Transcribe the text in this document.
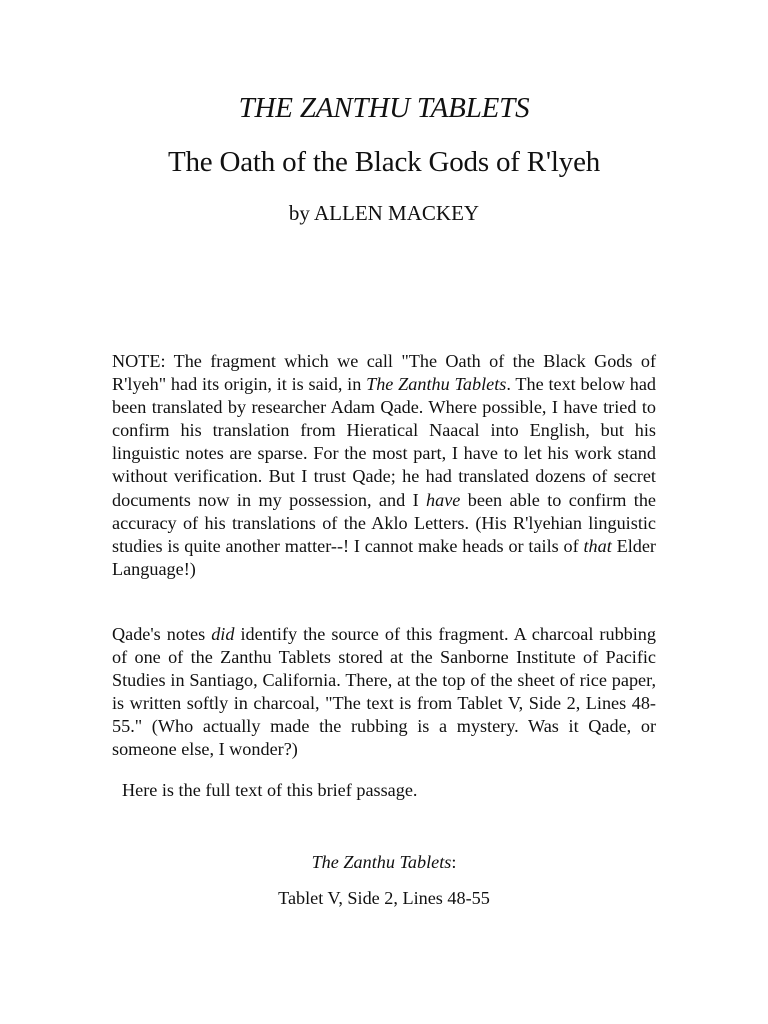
THE ZANTHU TABLETS
The Oath of the Black Gods of R'lyeh
by ALLEN MACKEY

NOTE: The fragment which we call "The Oath of the Black Gods of R'lyeh" had its origin, it is said, in The Zanthu Tablets. The text below had been translated by researcher Adam Qade. Where possible, I have tried to confirm his translation from Hieratical Naacal into English, but his linguistic notes are sparse. For the most part, I have to let his work stand without verification. But I trust Qade; he had translated dozens of secret documents now in my possession, and I have been able to confirm the accuracy of his translations of the Aklo Letters. (His R'lyehian linguistic studies is quite another matter--! I cannot make heads or tails of that Elder Language!)

Qade's notes did identify the source of this fragment. A charcoal rubbing of one of the Zanthu Tablets stored at the Sanborne Institute of Pacific Studies in Santiago, California. There, at the top of the sheet of rice paper, is written softly in charcoal, "The text is from Tablet V, Side 2, Lines 48-55." (Who actually made the rubbing is a mystery. Was it Qade, or someone else, I wonder?)

Here is the full text of this brief passage.

The Zanthu Tablets:
Tablet V, Side 2, Lines 48-55
